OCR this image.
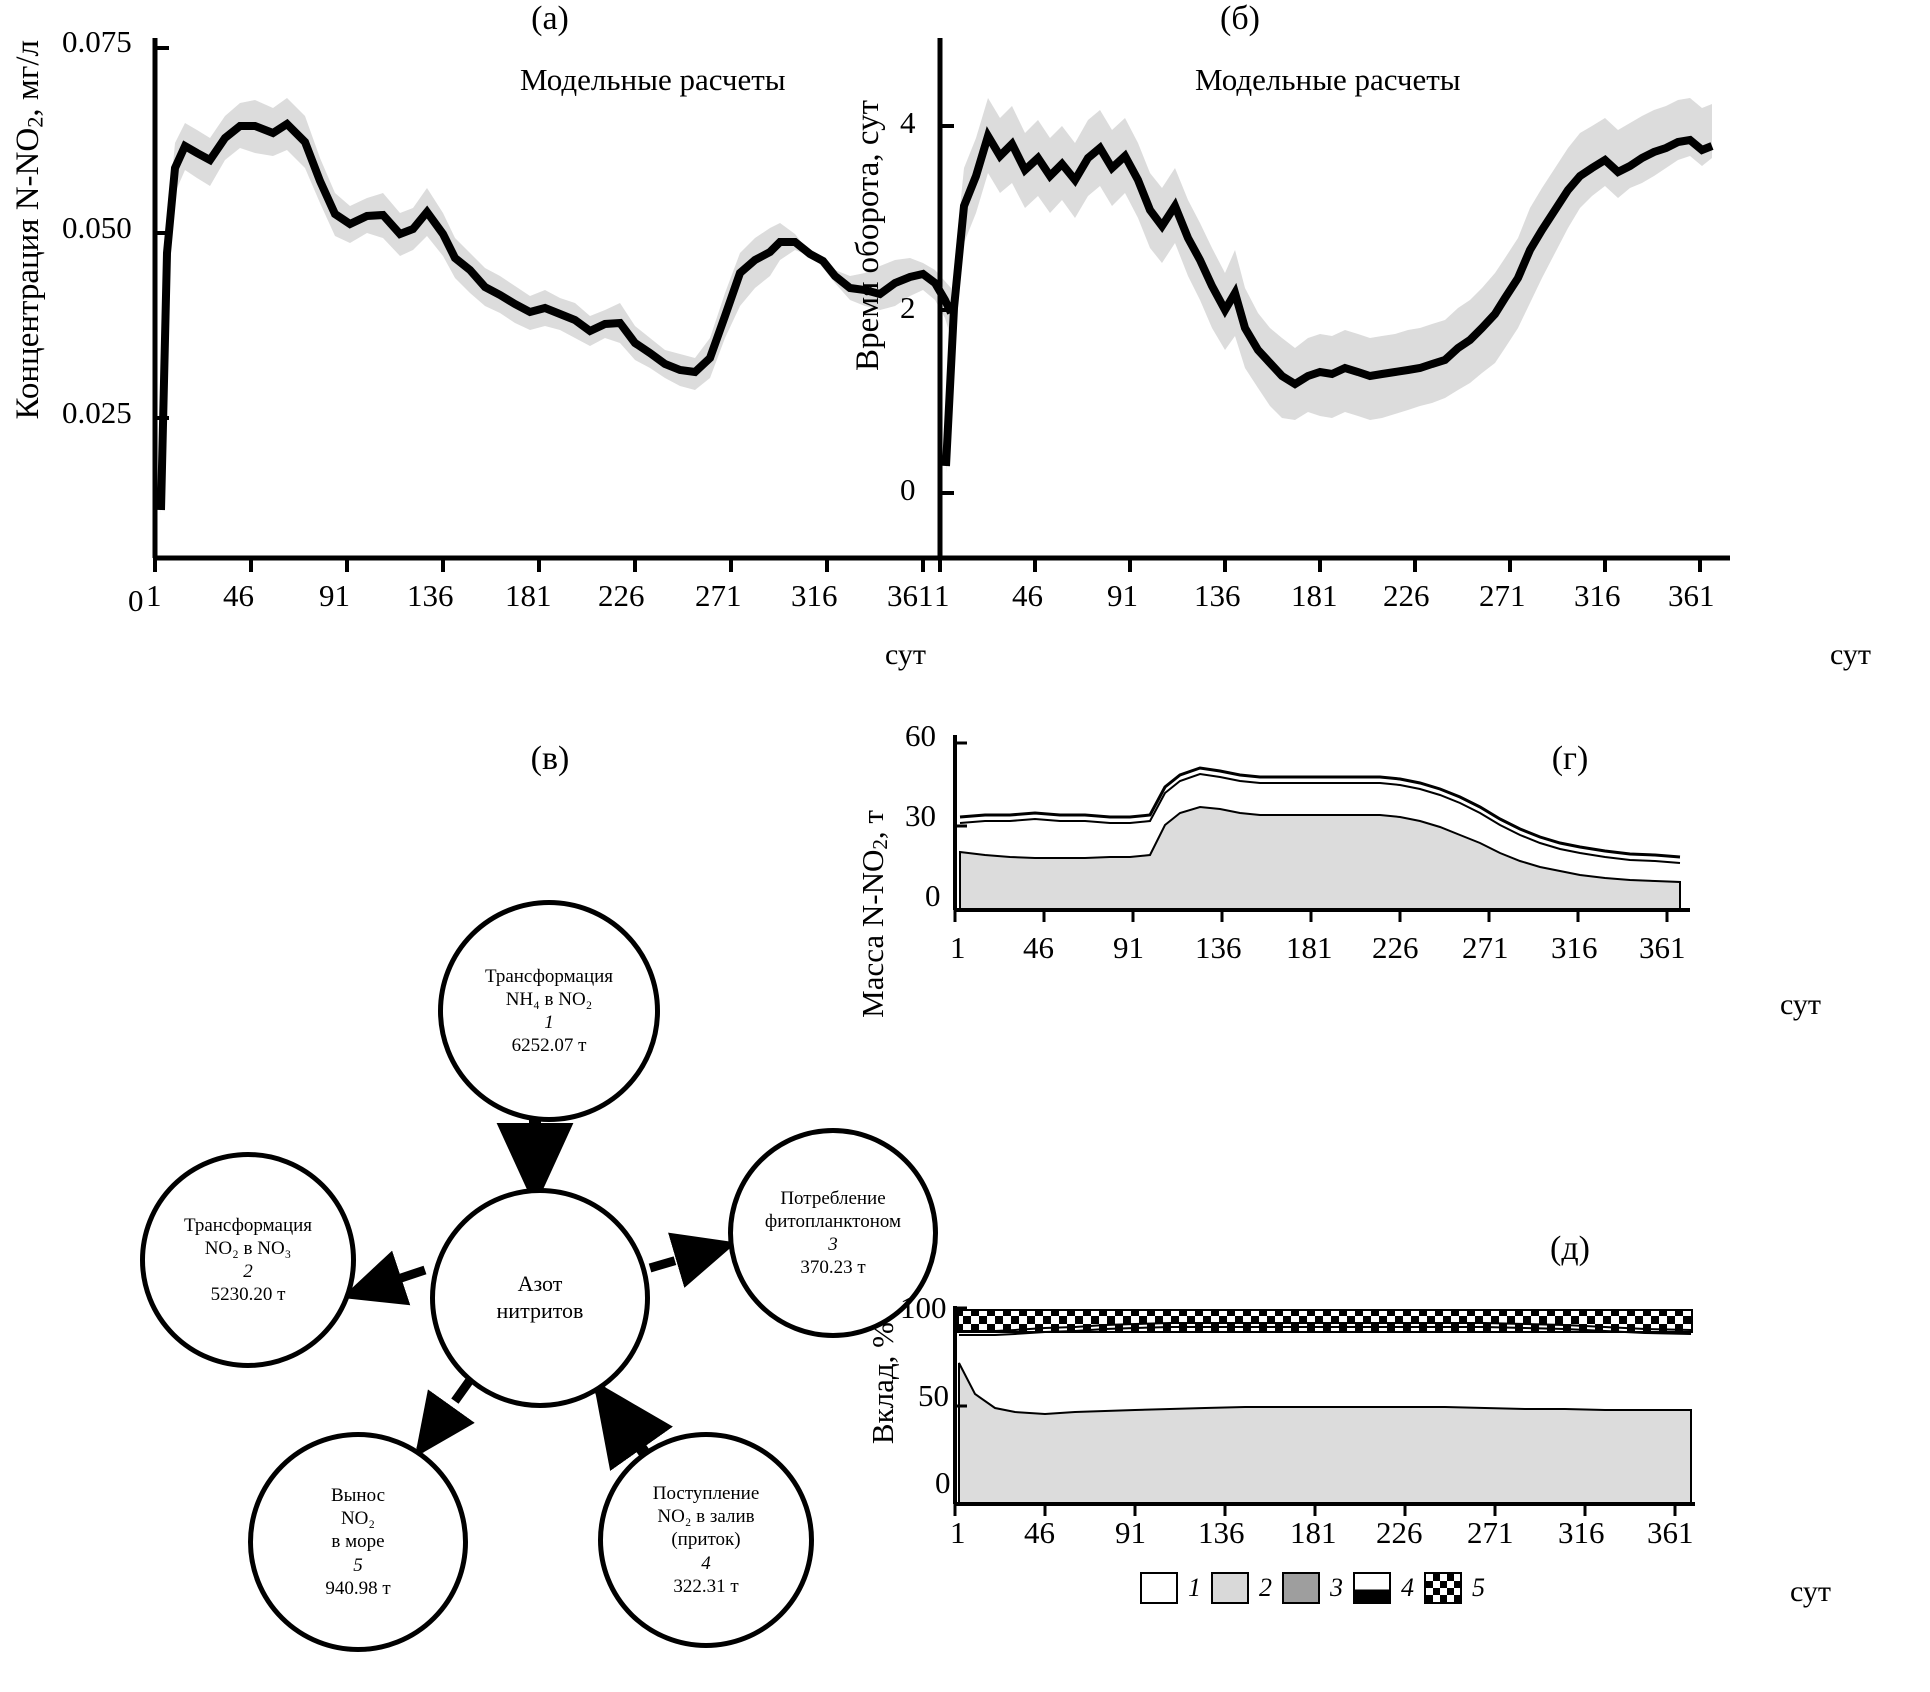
(а)
Модельные расчеты
Концентрация $N-NO_2$, мг/л 0.075
0.050
0.025
0 1 46 91 136 181 226 271 316 361
сут
(б)
Модельные расчеты
Время оборота, сут 4
2
0
1 46 91 136 181 226 271 316 361
сут
(в)
Азот
нитритов
Трансформация
NH₄ в NO₂
1
6252.07 т
Трансформация
NO₂ в NO₃
2
5230.20 т
Потребление
фитопланктоном
3
370.23 т
Вынос
NO₂
в море
5
940.98 т
Поступление
NO₂ в залив
(приток)
4
322.31 т
(г)
Масса $N-NO_2$, т
60
30
0
1 46 91 136 181 226 271 316 361
сут
(д)
Вклад, %
100
50
0
1 46 91 136 181 226 271 316 361
сут
1 2 3 4 5
